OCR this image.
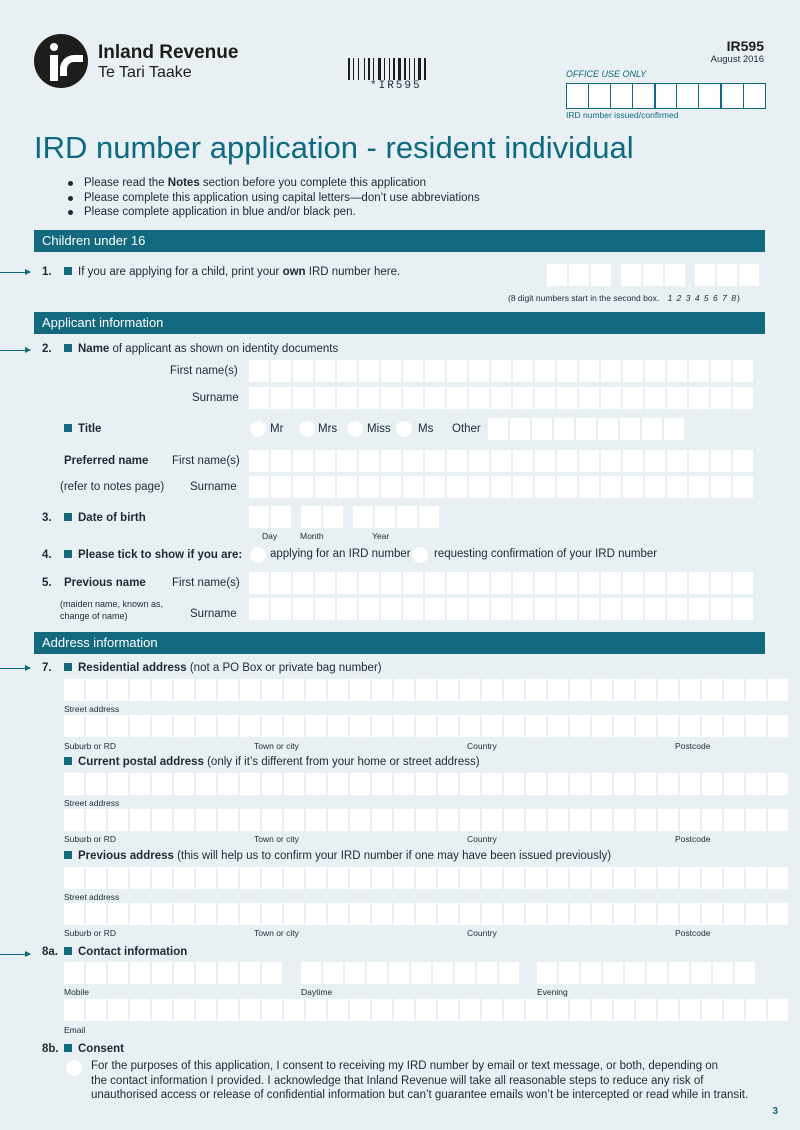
Inland Revenue
Te Tari Taake
*IR595
IR595
August 2016
OFFICE USE ONLY
IRD number issued/confirmed
IRD number application - resident individual
Please read the Notes section before you complete this application
Please complete this application using capital letters—don’t use abbreviations
Please complete application in blue and/or black pen.
Children under 16
1.	If you are applying for a child, print your own IRD number here.
(8 digit numbers start in the second box. 1 2 3 4 5 6 7 8)
Applicant information
2.	Name of applicant as shown on identity documents
First name(s)
Surname
Title	Mr	Mrs	Miss Ms Other
Preferred name
(refer to notes page)
First name(s)
Surname
3.	Date of birth
Day	Month	Year
4.	Please tick to show if you are: applying for an IRD number requesting confirmation of your IRD number
5. Previous name
(maiden name, known as,
change of name)
First name(s)
Surname
Address information
7.	Residential address (not a PO Box or private bag number)
Street address
Suburb or RD	Town or city	Country	Postcode
Current postal address (only if it’s different from your home or street address)
Street address
Suburb or RD	Town or city	Country	Postcode
Previous address (this will help us to confirm your IRD number if one may have been issued previously)
Street address
Suburb or RD	Town or city	Country	Postcode
8a.	Contact information
Mobile	Daytime	Evening
Email
8b.	Consent
For the purposes of this application, I consent to receiving my IRD number by email or text message, or both, depending on
the contact information I provided. I acknowledge that Inland Revenue will take all reasonable steps to reduce any risk of
unauthorised access or release of confidential information but can’t guarantee emails won’t be intercepted or read while in transit.
3
